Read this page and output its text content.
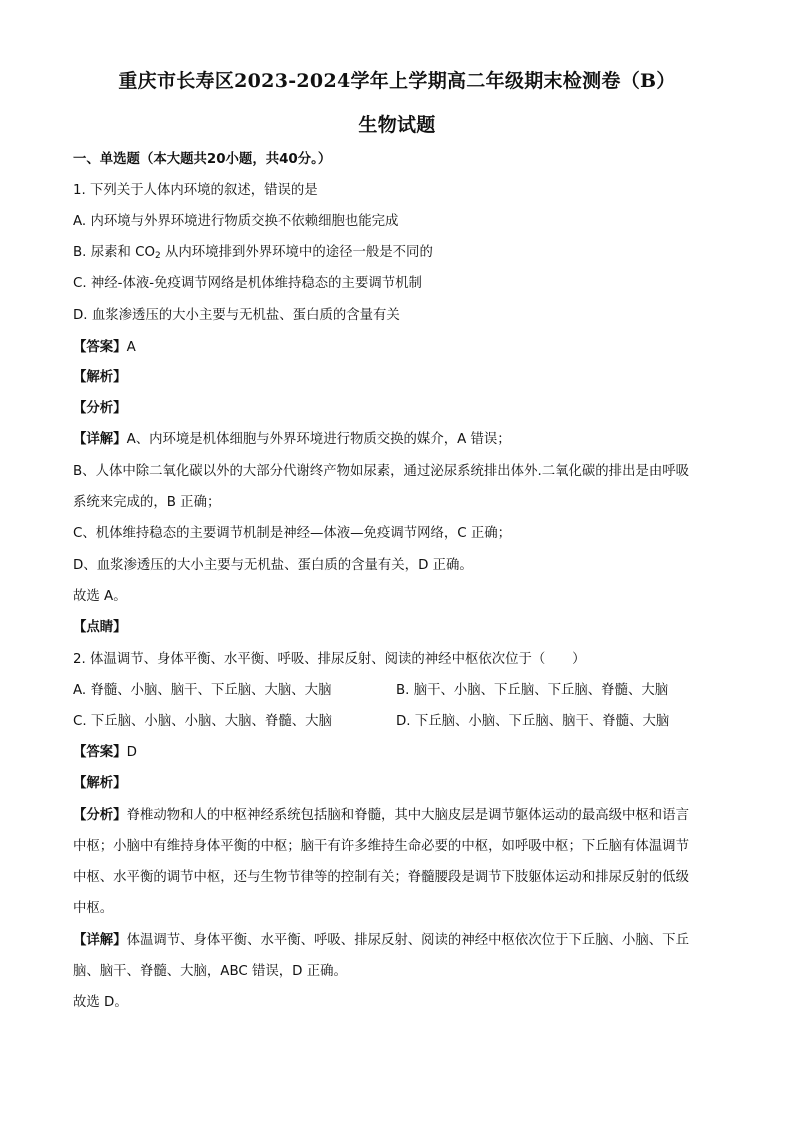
重庆市长寿区2023-2024学年上学期高二年级期末检测卷（B）
生物试题
一、单选题（本大题共20小题，共40分。）
1. 下列关于人体内环境的叙述，错误的是
A. 内环境与外界环境进行物质交换不依赖细胞也能完成
B. 尿素和 $CO_2$ 从内环境排到外界环境中的途径一般是不同的
C. 神经-体液-免疫调节网络是机体维持稳态的主要调节机制
D. 血浆渗透压的大小主要与无机盐、蛋白质的含量有关
【答案】A
【解析】
【分析】
【详解】A、内环境是机体细胞与外界环境进行物质交换的媒介，A 错误；
B、人体中除二氧化碳以外的大部分代谢终产物如尿素，通过泌尿系统排出体外.二氧化碳的排出是由呼吸
系统来完成的，B 正确；
C、机体维持稳态的主要调节机制是神经—体液—免疫调节网络，C 正确；
D、血浆渗透压的大小主要与无机盐、蛋白质的含量有关，D 正确。
故选 A。
【点睛】
2. 体温调节、身体平衡、水平衡、呼吸、排尿反射、阅读的神经中枢依次位于（　　）
A. 脊髓、小脑、脑干、下丘脑、大脑、大脑	B. 脑干、小脑、下丘脑、下丘脑、脊髓、大脑
C. 下丘脑、小脑、小脑、大脑、脊髓、大脑	D. 下丘脑、小脑、下丘脑、脑干、脊髓、大脑
【答案】D
【解析】
【分析】脊椎动物和人的中枢神经系统包括脑和脊髓，其中大脑皮层是调节躯体运动的最高级中枢和语言
中枢；小脑中有维持身体平衡的中枢；脑干有许多维持生命必要的中枢，如呼吸中枢；下丘脑有体温调节
中枢、水平衡的调节中枢，还与生物节律等的控制有关；脊髓腰段是调节下肢躯体运动和排尿反射的低级
中枢。
【详解】体温调节、身体平衡、水平衡、呼吸、排尿反射、阅读的神经中枢依次位于下丘脑、小脑、下丘
脑、脑干、脊髓、大脑，ABC 错误，D 正确。
故选 D。
